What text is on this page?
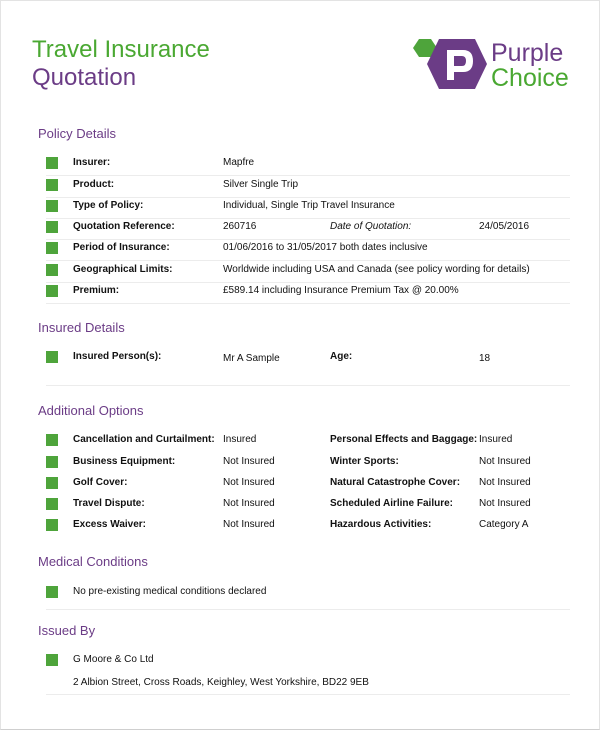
Travel Insurance
Quotation
Purple
Choice
Policy Details
Insurer:	Mapfre
Product:	Silver Single Trip
Type of Policy:	Individual, Single Trip Travel Insurance
Quotation Reference:	260716	Date of Quotation:	24/05/2016
Period of Insurance:	01/06/2016 to 31/05/2017 both dates inclusive
Geographical Limits:	Worldwide including USA and Canada (see policy wording for details)
Premium:	£589.14 including Insurance Premium Tax @ 20.00%
Insured Details
Insured Person(s):	Mr A Sample	Age:	18
Additional Options
Cancellation and Curtailment: Insured	Personal Effects and Baggage: Insured
Business Equipment:	Not Insured	Winter Sports:	Not Insured
Golf Cover:	Not Insured	Natural Catastrophe Cover: Not Insured
Travel Dispute:	Not Insured	Scheduled Airline Failure:	Not Insured
Excess Waiver:	Not Insured	Hazardous Activities:	Category A
Medical Conditions
No pre-existing medical conditions declared
Issued By
G Moore & Co Ltd
2 Albion Street, Cross Roads, Keighley, West Yorkshire, BD22 9EB
